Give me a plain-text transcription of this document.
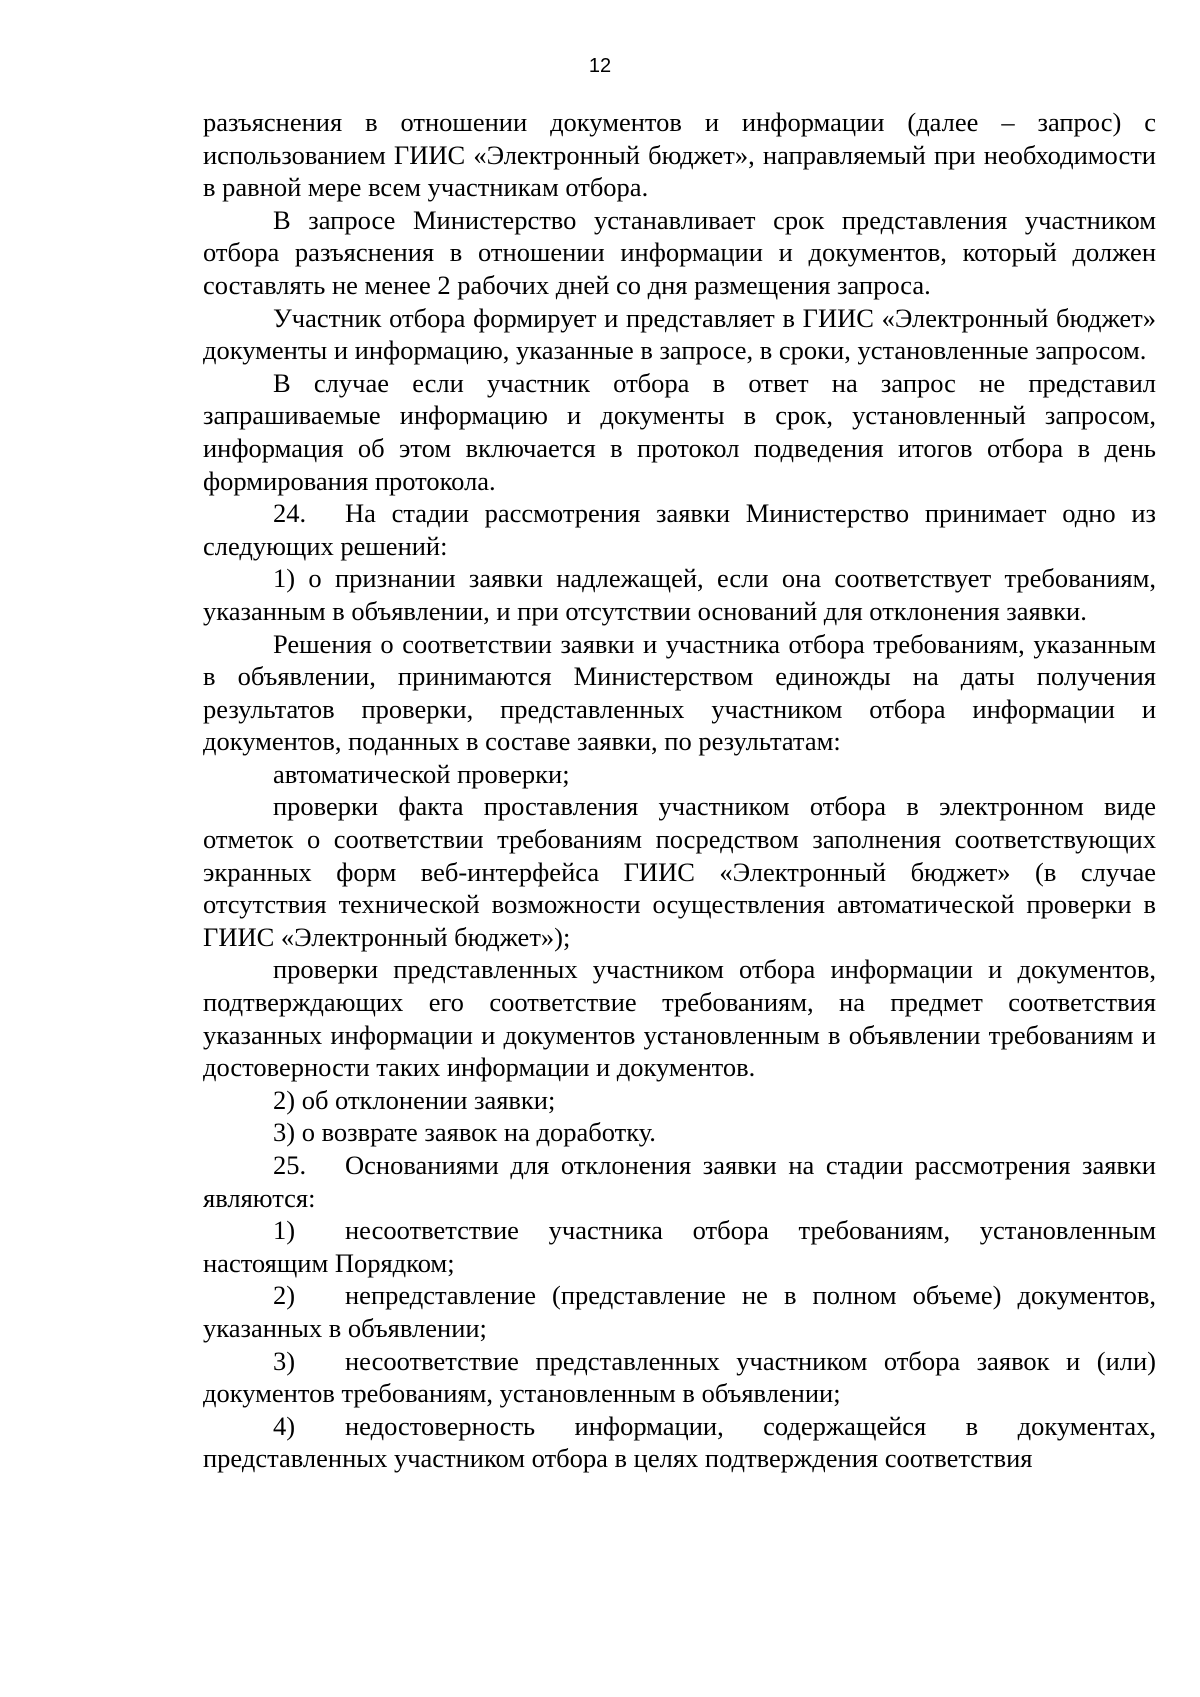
12

разъяснения в отношении документов и информации (далее – запрос) с использованием ГИИС «Электронный бюджет», направляемый при необходимости в равной мере всем участникам отбора.

В запросе Министерство устанавливает срок представления участником отбора разъяснения в отношении информации и документов, который должен составлять не менее 2 рабочих дней со дня размещения запроса.

Участник отбора формирует и представляет в ГИИС «Электронный бюджет» документы и информацию, указанные в запросе, в сроки, установленные запросом.

В случае если участник отбора в ответ на запрос не представил запрашиваемые информацию и документы в срок, установленный запросом, информация об этом включается в протокол подведения итогов отбора в день формирования протокола.

24. На стадии рассмотрения заявки Министерство принимает одно из следующих решений:

1) о признании заявки надлежащей, если она соответствует требованиям, указанным в объявлении, и при отсутствии оснований для отклонения заявки.

Решения о соответствии заявки и участника отбора требованиям, указанным в объявлении, принимаются Министерством единожды на даты получения результатов проверки, представленных участником отбора информации и документов, поданных в составе заявки, по результатам:

автоматической проверки;

проверки факта проставления участником отбора в электронном виде отметок о соответствии требованиям посредством заполнения соответствующих экранных форм веб-интерфейса ГИИС «Электронный бюджет» (в случае отсутствия технической возможности осуществления автоматической проверки в ГИИС «Электронный бюджет»);

проверки представленных участником отбора информации и документов, подтверждающих его соответствие требованиям, на предмет соответствия указанных информации и документов установленным в объявлении требованиям и достоверности таких информации и документов.

2) об отклонении заявки;

3) о возврате заявок на доработку.

25. Основаниями для отклонения заявки на стадии рассмотрения заявки являются:

1) несоответствие участника отбора требованиям, установленным настоящим Порядком;

2) непредставление (представление не в полном объеме) документов, указанных в объявлении;

3) несоответствие представленных участником отбора заявок и (или) документов требованиям, установленным в объявлении;

4) недостоверность информации, содержащейся в документах, представленных участником отбора в целях подтверждения соответствия
